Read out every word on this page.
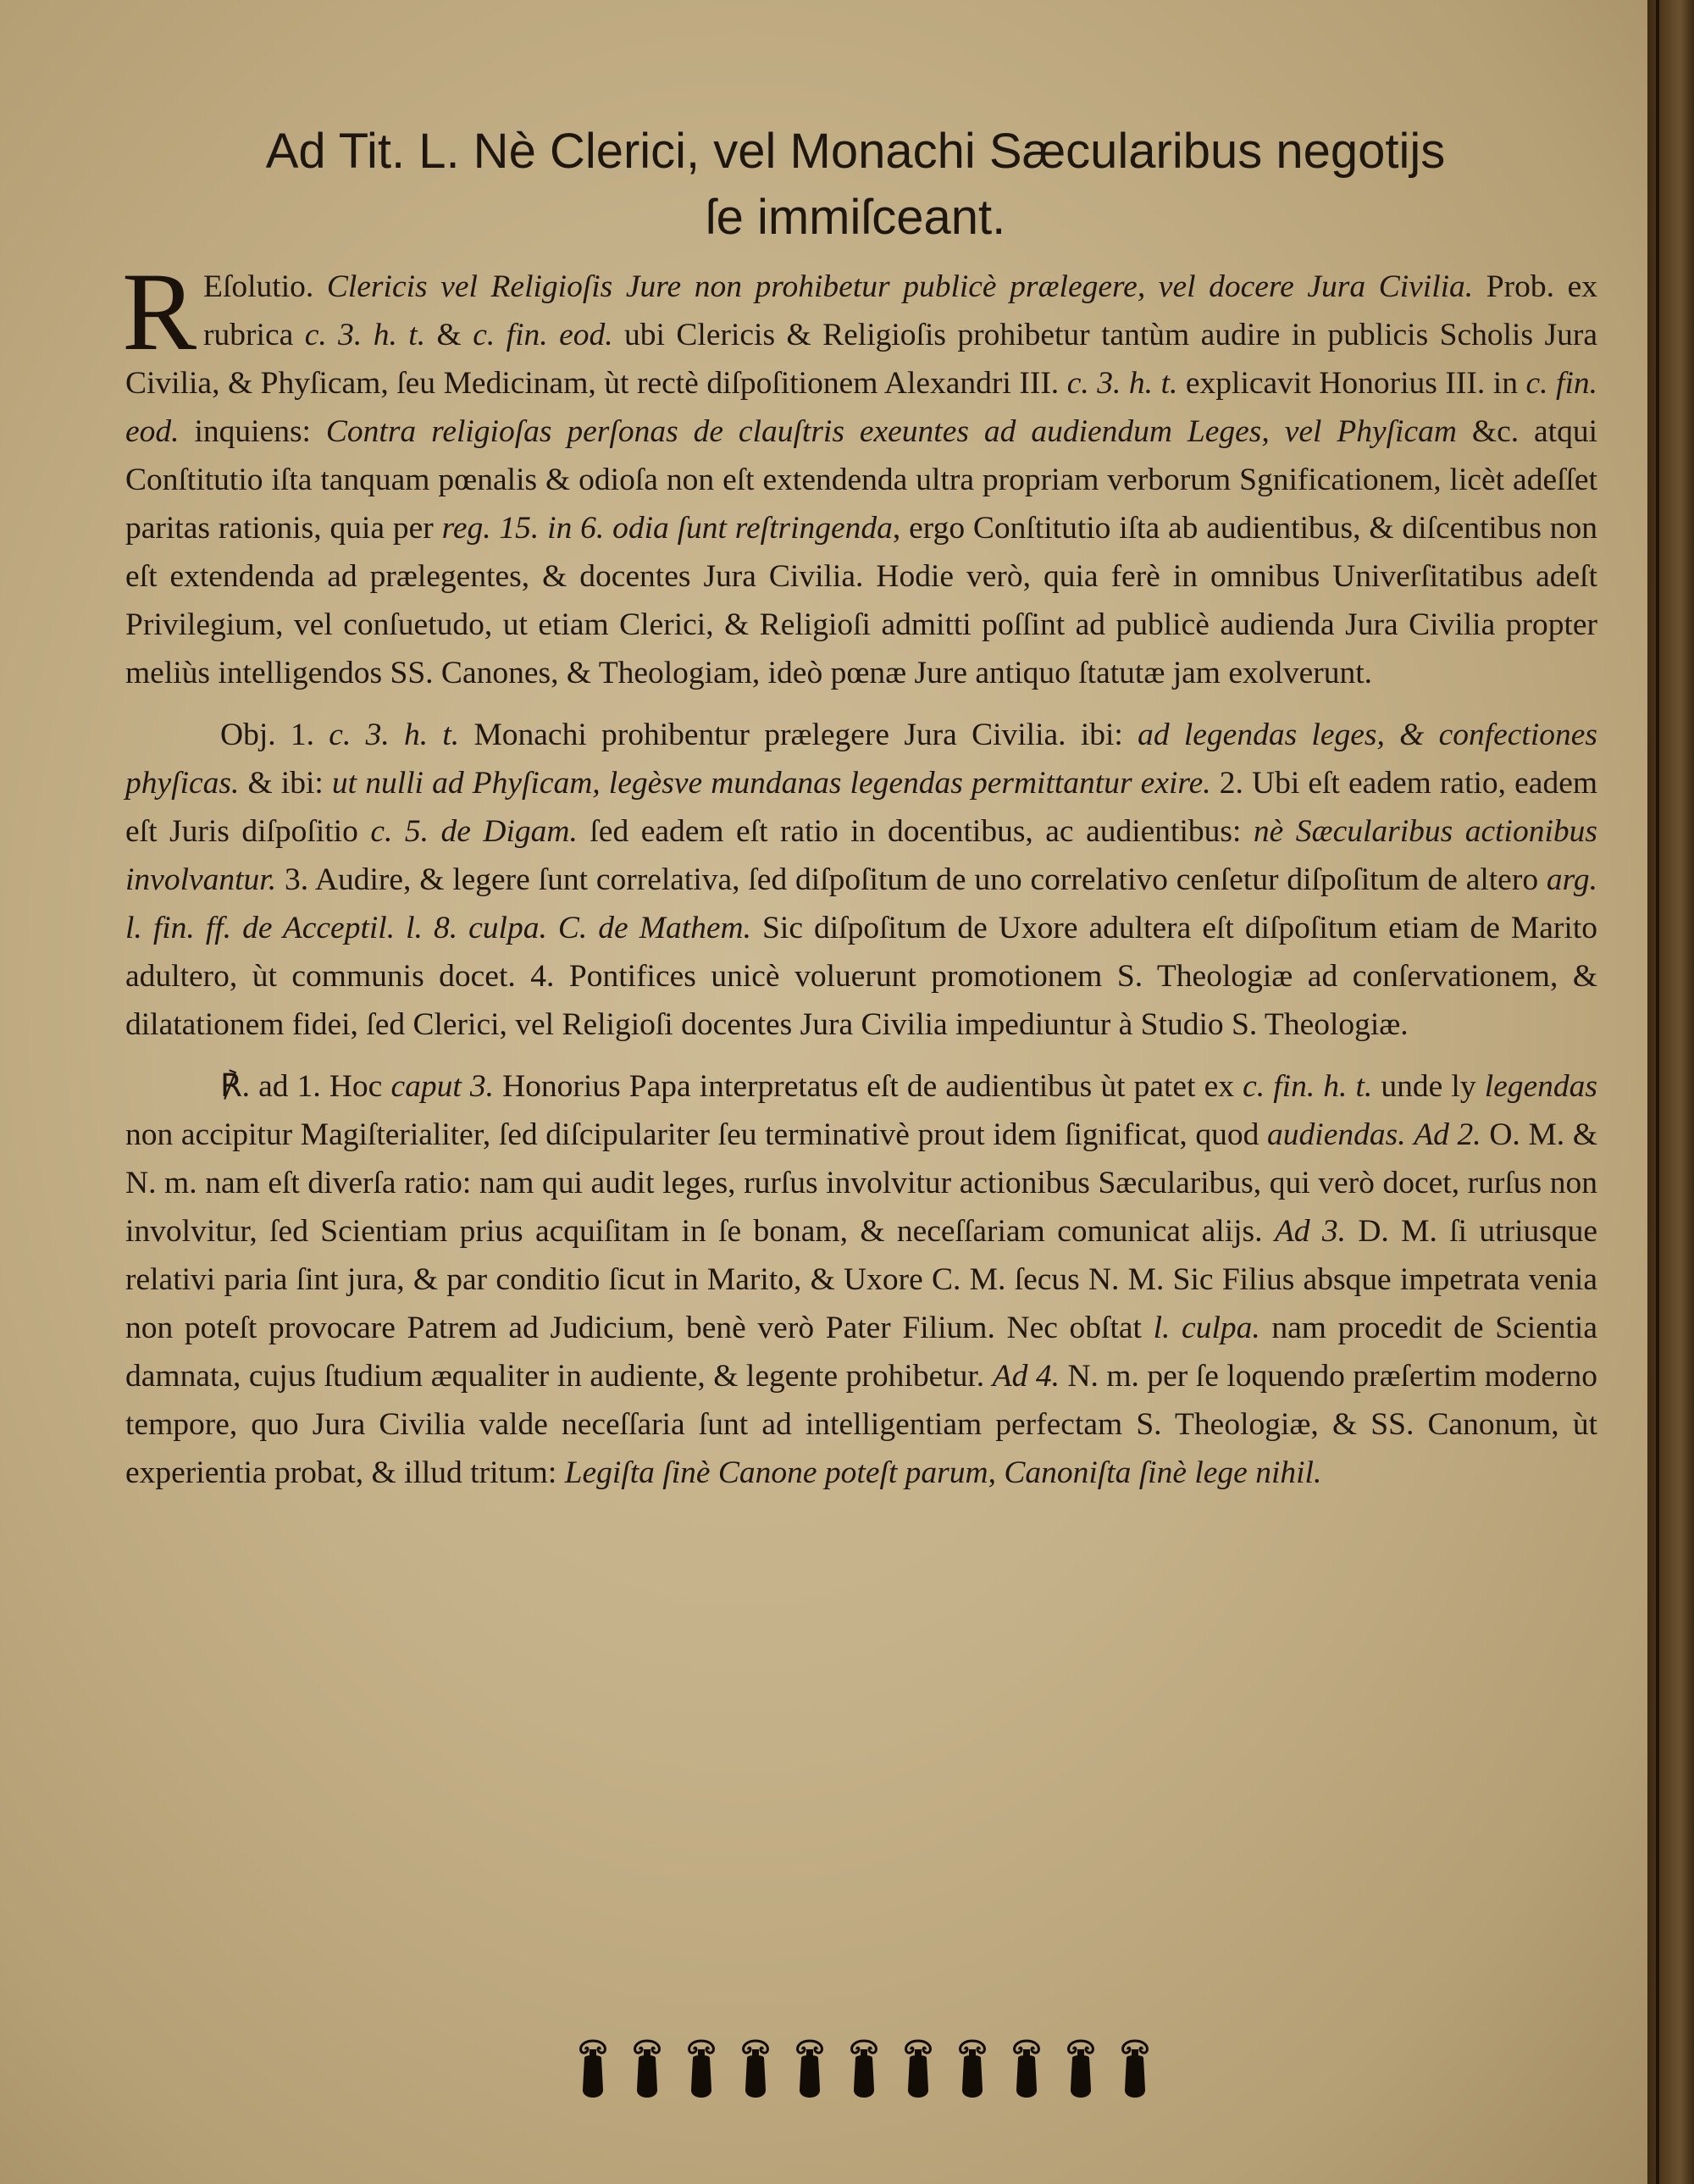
Ad Tit. L. Nè Clerici, vel Monachi Sæcularibus negotijs
ſe immiſceant.

R Eſolutio. Clericis vel Religioſis Jure non prohibetur publicè prælegere, vel docere Jura Civilia. Prob. ex rubrica c. 3. h. t. & c. fin. eod. ubi Clericis & Religioſis prohibetur tantùm audire in publicis Scholis Jura Civilia, & Phyſicam, ſeu Medicinam, ùt rectè diſpoſitionem Alexandri III. c. 3. h. t. explicavit Honorius III. in c. fin. eod. inquiens: Contra religioſas perſonas de clauſtris exeuntes ad audiendum Leges, vel Phyſicam &c. atqui Conſtitutio iſta tanquam pœnalis & odioſa non eſt extendenda ultra propriam verborum Sgnificationem, licèt adeſſet paritas rationis, quia per reg. 15. in 6. odia ſunt reſtringenda, ergo Conſtitutio iſta ab audientibus, & diſcentibus non eſt extendenda ad prælegentes, & docentes Jura Civilia. Hodie verò, quia ferè in omnibus Univerſitatibus adeſt Privilegium, vel conſuetudo, ut etiam Clerici, & Religioſi admitti poſſint ad publicè audienda Jura Civilia propter meliùs intelligendos SS. Canones, & Theologiam, ideò pœnæ Jure antiquo ſtatutæ jam exolverunt.

Obj. 1. c. 3. h. t. Monachi prohibentur prælegere Jura Civilia. ibi: ad legendas leges, & confectiones phyſicas. & ibi: ut nulli ad Phyſicam, legèsve mundanas legendas permittantur exire. 2. Ubi eſt eadem ratio, eadem eſt Juris diſpoſitio c. 5. de Digam. ſed eadem eſt ratio in docentibus, ac audientibus: nè Sæcularibus actionibus involvantur. 3. Audire, & legere ſunt correlativa, ſed diſpoſitum de uno correlativo cenſetur diſpoſitum de altero arg. l. fin. ff. de Acceptil. l. 8. culpa. C. de Mathem. Sic diſpoſitum de Uxore adultera eſt diſpoſitum etiam de Marito adultero, ùt communis docet. 4. Pontifices unicè voluerunt promotionem S. Theologiæ ad conſervationem, & dilatationem fidei, ſed Clerici, vel Religioſi docentes Jura Civilia impediuntur à Studio S. Theologiæ.

℟. ad 1. Hoc caput 3. Honorius Papa interpretatus eſt de audientibus ùt patet ex c. fin. h. t. unde ly legendas non accipitur Magiſterialiter, ſed diſcipulariter ſeu terminativè prout idem ſignificat, quod audiendas. Ad 2. O. M. & N. m. nam eſt diverſa ratio: nam qui audit leges, rurſus involvitur actionibus Sæcularibus, qui verò docet, rurſus non involvitur, ſed Scientiam prius acquiſitam in ſe bonam, & neceſſariam comunicat alijs. Ad 3. D. M. ſi utriusque relativi paria ſint jura, & par conditio ſicut in Marito, & Uxore C. M. ſecus N. M. Sic Filius absque impetrata venia non poteſt provocare Patrem ad Judicium, benè verò Pater Filium. Nec obſtat l. culpa. nam procedit de Scientia damnata, cujus ſtudium æqualiter in audiente, & legente prohibetur. Ad 4. N. m. per ſe loquendo præſertim moderno tempore, quo Jura Civilia valde neceſſaria ſunt ad intelligentiam perfectam S. Theologiæ, & SS. Canonum, ùt experientia probat, & illud tritum: Legiſta ſinè Canone poteſt parum, Canoniſta ſinè lege nihil.
